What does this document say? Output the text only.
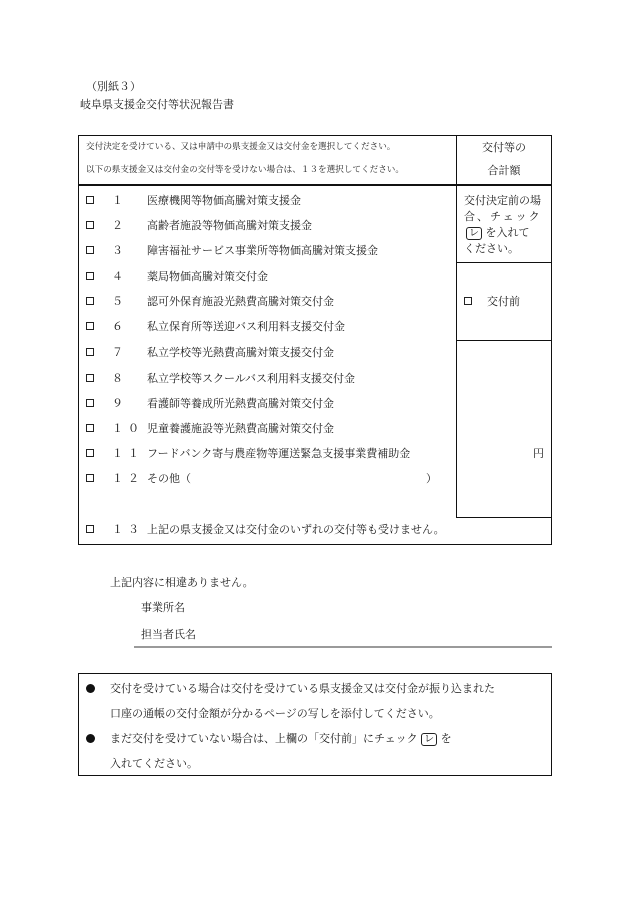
（別紙３）
岐阜県支援金交付等状況報告書
交付決定を受けている、又は申請中の県支援金又は交付金を選択してください。
以下の県支援金又は交付金の交付等を受けない場合は、１３を選択してください。
交付等の
合計額
１ 医療機関等物価高騰対策支援金
２ 高齢者施設等物価高騰対策支援金
３ 障害福祉サービス事業所等物価高騰対策支援金
４ 薬局物価高騰対策交付金
５ 認可外保育施設光熱費高騰対策交付金
６ 私立保育所等送迎バス利用料支援交付金
７ 私立学校等光熱費高騰対策支援交付金
８ 私立学校等スクールバス利用料支援交付金
９ 看護師等養成所光熱費高騰対策交付金
１０ 児童養護施設等光熱費高騰対策交付金
１１ フードバンク寄与農産物等運送緊急支援事業費補助金
１２ その他（	）
１３ 上記の県支援金又は交付金のいずれの交付等も受けません。
交付決定前の場
合、チェック
レ を入れて
ください。
交付前
円
上記内容に相違ありません。
事業所名
担当者氏名
交付を受けている場合は交付を受けている県支援金又は交付金が振り込まれた
口座の通帳の交付金額が分かるページの写しを添付してください。
まだ交付を受けていない場合は、上欄の「交付前」にチェック レ を
入れてください。
